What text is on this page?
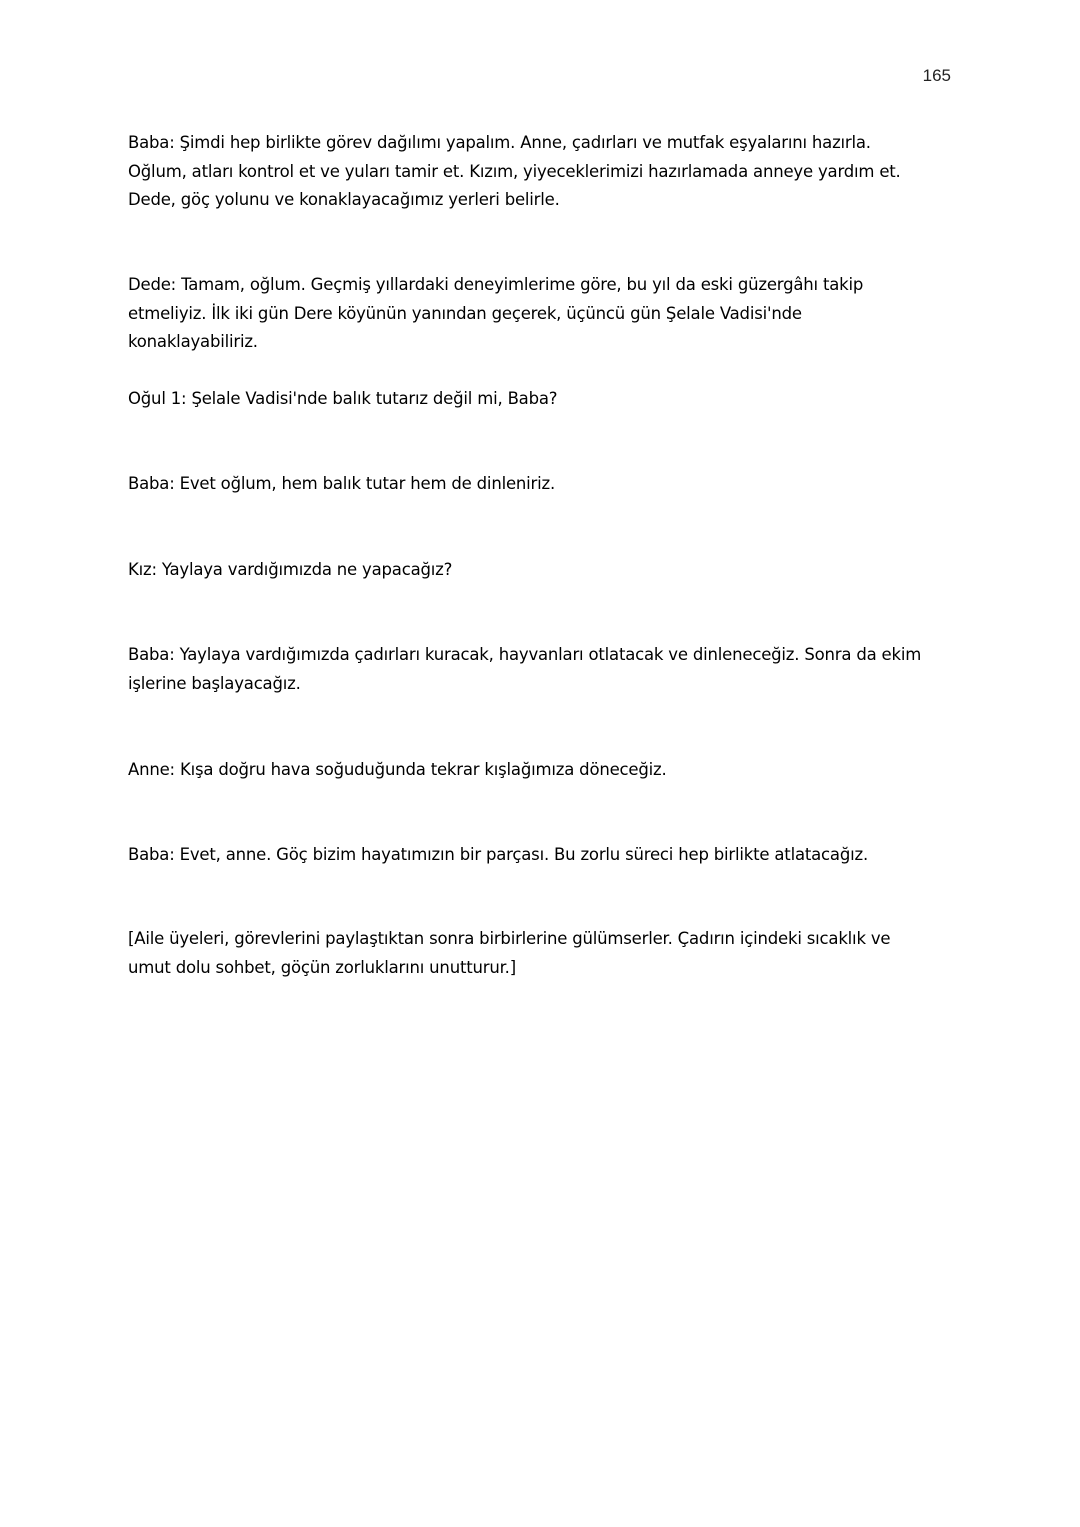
165

Baba: Şimdi hep birlikte görev dağılımı yapalım. Anne, çadırları ve mutfak eşyalarını hazırla. Oğlum, atları kontrol et ve yuları tamir et. Kızım, yiyeceklerimizi hazırlamada anneye yardım et. Dede, göç yolunu ve konaklayacağımız yerleri belirle.

Dede: Tamam, oğlum. Geçmiş yıllardaki deneyimlerime göre, bu yıl da eski güzergâhı takip etmeliyiz. İlk iki gün Dere köyünün yanından geçerek, üçüncü gün Şelale Vadisi'nde konaklayabiliriz.

Oğul 1: Şelale Vadisi'nde balık tutarız değil mi, Baba?

Baba: Evet oğlum, hem balık tutar hem de dinleniriz.

Kız: Yaylaya vardığımızda ne yapacağız?

Baba: Yaylaya vardığımızda çadırları kuracak, hayvanları otlatacak ve dinleneceğiz. Sonra da ekim işlerine başlayacağız.

Anne: Kışa doğru hava soğuduğunda tekrar kışlağımıza döneceğiz.

Baba: Evet, anne. Göç bizim hayatımızın bir parçası. Bu zorlu süreci hep birlikte atlatacağız.

[Aile üyeleri, görevlerini paylaştıktan sonra birbirlerine gülümserler. Çadırın içindeki sıcaklık ve umut dolu sohbet, göçün zorluklarını unutturur.]
